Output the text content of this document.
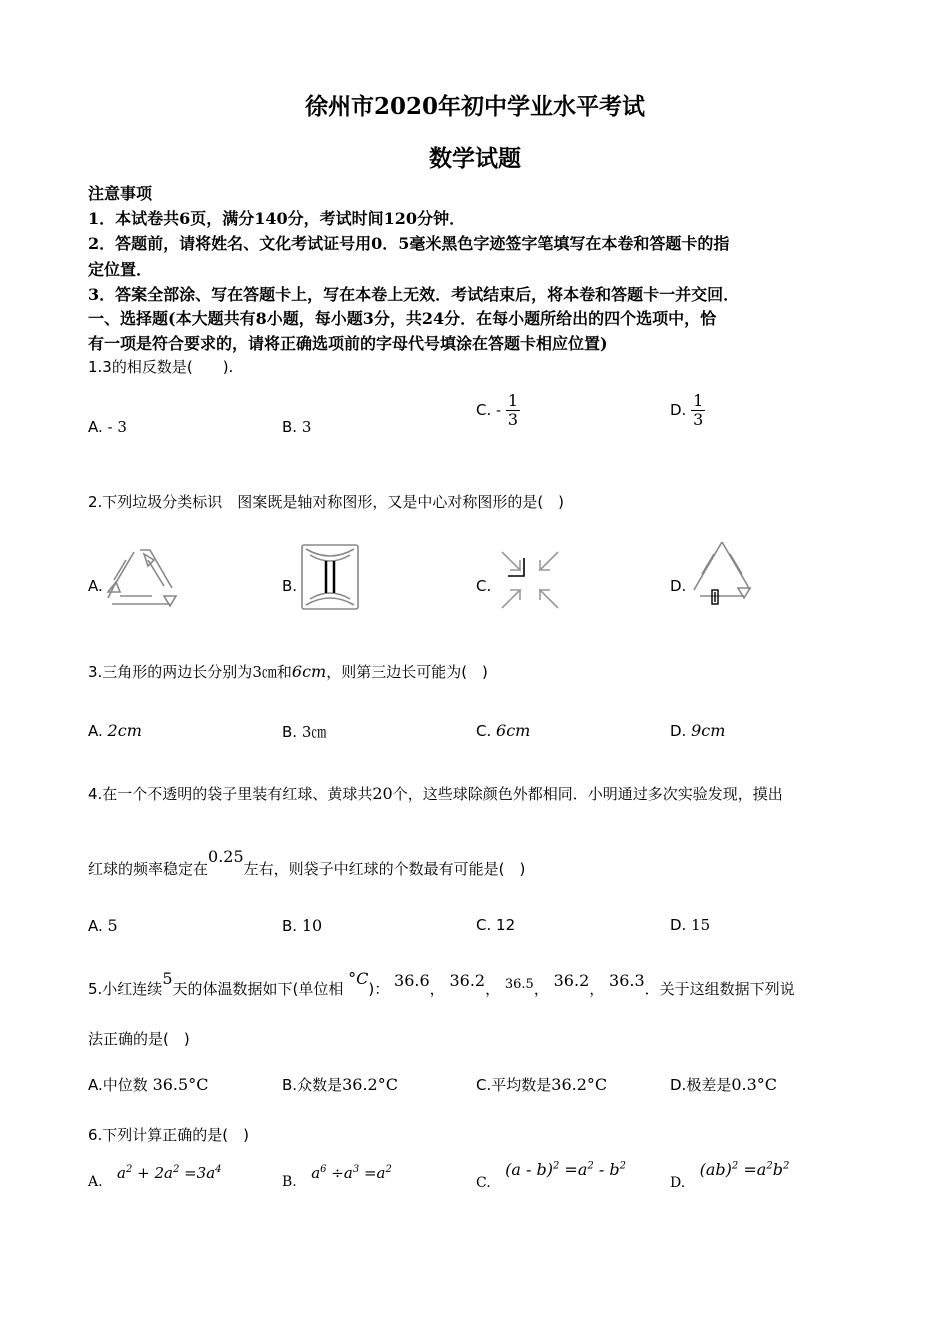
徐州市2020年初中学业水平考试
数学试题
注意事项
1．本试卷共6页，满分140分，考试时间120分钟．
2．答题前，请将姓名、文化考试证号用0．5毫米黑色字迹签字笔填写在本卷和答题卡的指
定位置．
3．答案全部涂、写在答题卡上，写在本卷上无效．考试结束后，将本卷和答题卡一并交回．
一、选择题(本大题共有8小题，每小题3分，共24分．在每小题所给出的四个选项中，恰
有一项是符合要求的，请将正确选项前的字母代号填涂在答题卡相应位置)
1.3的相反数是(　　).
A. - 3	B. 3
C. - $\frac{1}{3}$	D. $\frac{1}{3}$
2.下列垃圾分类标识　图案既是轴对称图形，又是中心对称图形的是(　)
A.	B.	C.	D.
3.三角形的两边长分别为3㎝和6cm，则第三边长可能为(　)
A. 2cm	B. 3㎝	C. 6cm	D. 9cm
4.在一个不透明的袋子里装有红球、黄球共20个，这些球除颜色外都相同．小明通过多次实验发现，摸出
红球的频率稳定在0.25左右，则袋子中红球的个数最有可能是(　)
A. 5	B. 10	C. 12	D. 15
5.小红连续5天的体温数据如下(单位相 °C)： 36.6， 36.2， 36.5， 36.2， 36.3．关于这组数据下列说
法正确的是(　)
A.中位数 36.5°C	B.众数是36.2°C	C.平均数是36.2°C	D.极差是0.3°C
6.下列计算正确的是(　)
A. $a^2 + 2a^2 =3a^4$
B. $a^6 \div a^3 =a^2$
C. $(a - b)^2 =a^2 - b^2$
D. $(ab)^2 =a^2b^2$
